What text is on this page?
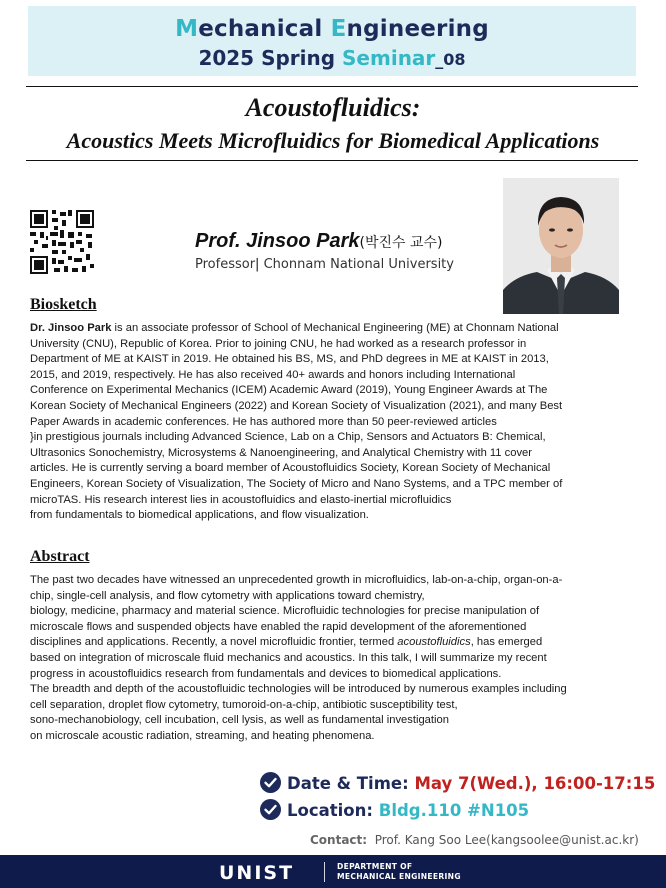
Mechanical Engineering
2025 Spring Seminar_08
Acoustofluidics:
Acoustics Meets Microfluidics for Biomedical Applications
Prof. Jinsoo Park(박진수 교수)
Professor| Chonnam National University
Biosketch
Dr. Jinsoo Park is an associate professor of School of Mechanical Engineering (ME) at Chonnam National
University (CNU), Republic of Korea. Prior to joining CNU, he had worked as a research professor in
Department of ME at KAIST in 2019. He obtained his BS, MS, and PhD degrees in ME at KAIST in 2013,
2015, and 2019, respectively. He has also received 40+ awards and honors including International
Conference on Experimental Mechanics (ICEM) Academic Award (2019), Young Engineer Awards at The
Korean Society of Mechanical Engineers (2022) and Korean Society of Visualization (2021), and many Best
Paper Awards in academic conferences. He has authored more than 50 peer-reviewed articles
}in prestigious journals including Advanced Science, Lab on a Chip, Sensors and Actuators B: Chemical,
Ultrasonics Sonochemistry, Microsystems & Nanoengineering, and Analytical Chemistry with 11 cover
articles. He is currently serving a board member of Acoustofluidics Society, Korean Society of Mechanical
Engineers, Korean Society of Visualization, The Society of Micro and Nano Systems, and a TPC member of
microTAS. His research interest lies in acoustofluidics and elasto-inertial microfluidics
from fundamentals to biomedical applications, and flow visualization.
Abstract
The past two decades have witnessed an unprecedented growth in microfluidics, lab-on-a-chip, organ-on-a-
chip, single-cell analysis, and flow cytometry with applications toward chemistry,
biology, medicine, pharmacy and material science. Microfluidic technologies for precise manipulation of
microscale flows and suspended objects have enabled the rapid development of the aforementioned
disciplines and applications. Recently, a novel microfluidic frontier, termed acoustofluidics, has emerged
based on integration of microscale fluid mechanics and acoustics. In this talk, I will summarize my recent
progress in acoustofluidics research from fundamentals and devices to biomedical applications.
The breadth and depth of the acoustofluidic technologies will be introduced by numerous examples including
cell separation, droplet flow cytometry, tumoroid-on-a-chip, antibiotic susceptibility test,
sono-mechanobiology, cell incubation, cell lysis, as well as fundamental investigation
on microscale acoustic radiation, streaming, and heating phenomena.
Date & Time: May 7(Wed.), 16:00-17:15
Location: Bldg.110 #N105
Contact: Prof. Kang Soo Lee(kangsoolee@unist.ac.kr)
UNIST	DEPARTMENT OF
MECHANICAL ENGINEERING
